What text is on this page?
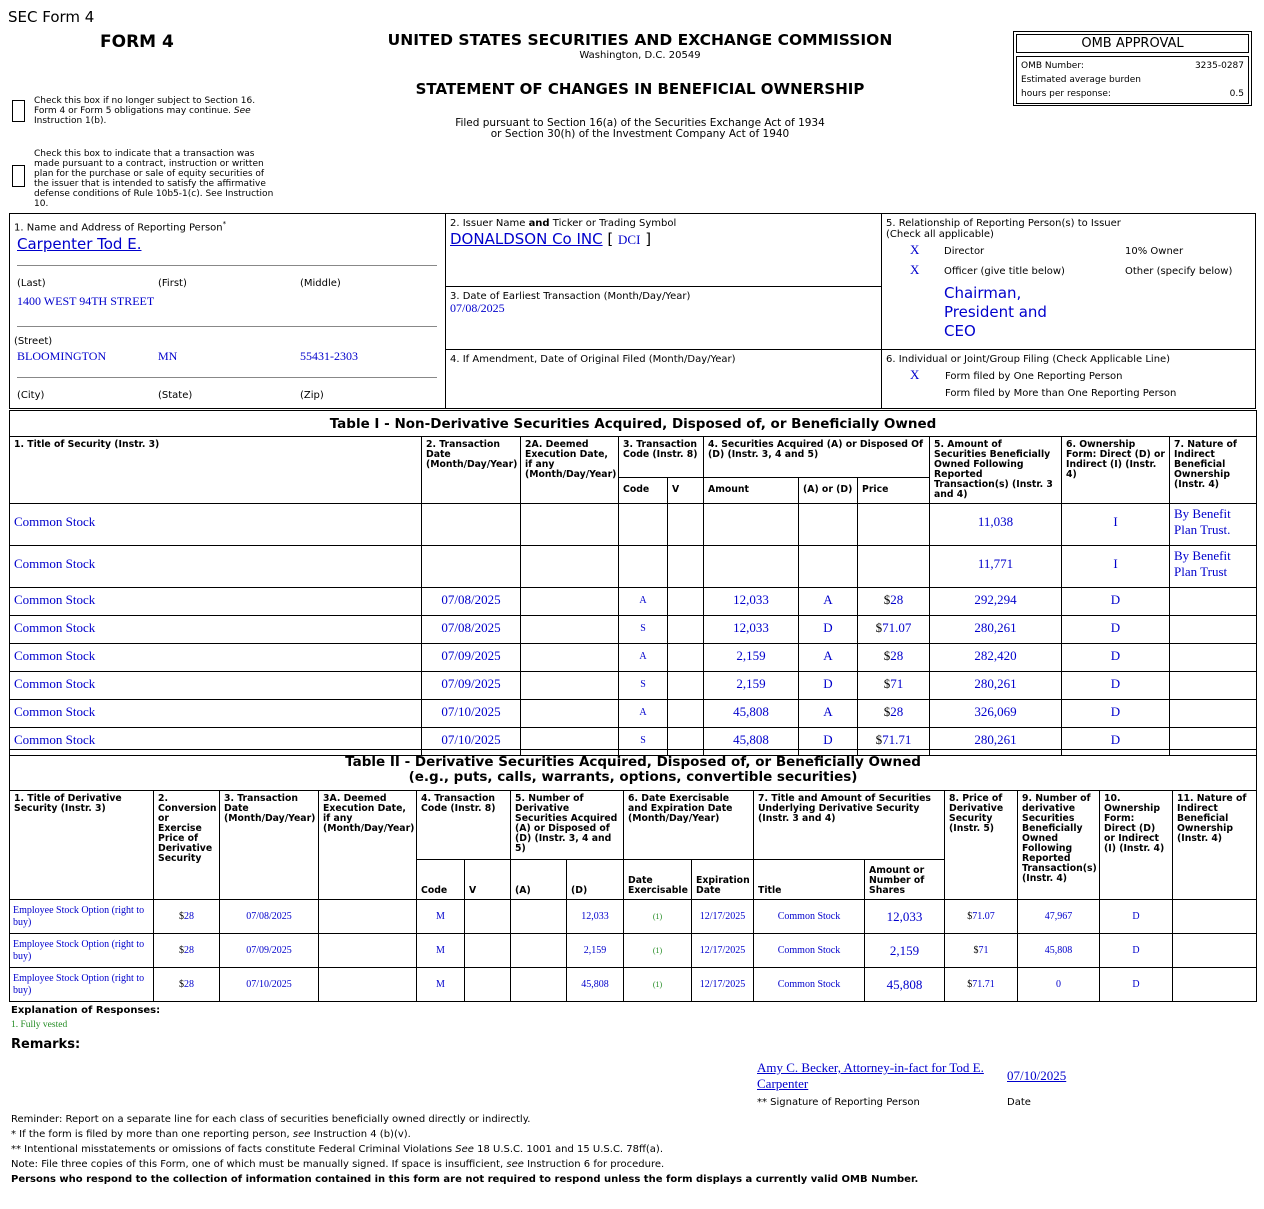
SEC Form 4
FORM 4	UNITED STATES SECURITIES AND EXCHANGE COMMISSION
Washington, D.C. 20549
STATEMENT OF CHANGES IN BENEFICIAL OWNERSHIP
Filed pursuant to Section 16(a) of the Securities Exchange Act of 1934
or Section 30(h) of the Investment Company Act of 1940
OMB APPROVAL
OMB Number:	3235-0287
Estimated average burden
hours per response:	0.5
Check this box if no longer subject to Section 16. Form 4 or Form 5 obligations may continue. See Instruction 1(b).
Check this box to indicate that a transaction was made pursuant to a contract, instruction or written plan for the purchase or sale of equity securities of the issuer that is intended to satisfy the affirmative defense conditions of Rule 10b5-1(c). See Instruction 10.
1. Name and Address of Reporting Person*
Carpenter Tod E.
(Last)	(First)	(Middle)
1400 WEST 94TH STREET
(Street)
BLOOMINGTON	MN	55431-2303
(City)	(State)	(Zip)
2. Issuer Name and Ticker or Trading Symbol
DONALDSON Co INC [ DCI ]
3. Date of Earliest Transaction (Month/Day/Year)
07/08/2025
4. If Amendment, Date of Original Filed (Month/Day/Year)
5. Relationship of Reporting Person(s) to Issuer
(Check all applicable)
X Director	10% Owner
X Officer (give title below)	Other (specify below)
Chairman,
President and
CEO
6. Individual or Joint/Group Filing (Check Applicable Line)
X	Form filed by One Reporting Person
Form filed by More than One Reporting Person
Table I - Non-Derivative Securities Acquired, Disposed of, or Beneficially Owned										
1. Title of Security (Instr. 3)	2. Transaction Date (Month/Day/Year)	2A. Deemed Execution Date, if any (Month/Day/Year)	3. Transaction Code (Instr. 8)		4. Securities Acquired (A) or Disposed Of (D) (Instr. 3, 4 and 5)			5. Amount of Securities Beneficially Owned Following Reported Transaction(s) (Instr. 3 and 4)	6. Ownership Form: Direct (D) or Indirect (I) (Instr. 4)	7. Nature of Indirect Beneficial Ownership (Instr. 4)
			Code	V	Amount	(A) or (D)	Price			
Common Stock								11,038	I	By Benefit Plan Trust.
Common Stock								11,771	I	By Benefit Plan Trust
Common Stock	07/08/2025		A		12,033	A	$28	292,294	D	
Common Stock	07/08/2025		S		12,033	D	$71.07	280,261	D	
Common Stock	07/09/2025		A		2,159	A	$28	282,420	D	
Common Stock	07/09/2025		S		2,159	D	$71	280,261	D	
Common Stock	07/10/2025		A		45,808	A	$28	326,069	D	
Common Stock	07/10/2025		S		45,808	D	$71.71	280,261	D	
Table II - Derivative Securities Acquired, Disposed of, or Beneficially Owned
(e.g., puts, calls, warrants, options, convertible securities)															

1. Title of Derivative Security (Instr. 3)	2. Conversion or Exercise Price of Derivative Security	3. Transaction Date (Month/Day/Year)	3A. Deemed Execution Date, if any (Month/Day/Year)	4. Transaction Code (Instr. 8)		5. Number of Derivative Securities Acquired (A) or Disposed of (D) (Instr. 3, 4 and 5)		6. Date Exercisable and Expiration Date (Month/Day/Year)		7. Title and Amount of Securities Underlying Derivative Security (Instr. 3 and 4)		8. Price of Derivative Security (Instr. 5)	9. Number of derivative Securities Beneficially Owned Following Reported Transaction(s) (Instr. 4)	10. Ownership Form: Direct (D) or Indirect (I) (Instr. 4)	11. Nature of Indirect Beneficial Ownership (Instr. 4)
				Code	V	(A)	(D)	Date Exercisable	Expiration Date	Title	Amount or Number of Shares				
Employee Stock Option (right to buy)	$28	07/08/2025		M			12,033	(1)	12/17/2025	Common Stock	12,033	$71.07	47,967	D	
Employee Stock Option (right to buy)	$28	07/09/2025		M			2,159	(1)	12/17/2025	Common Stock	2,159	$71	45,808	D	
Employee Stock Option (right to buy)	$28	07/10/2025		M			45,808	(1)	12/17/2025	Common Stock	45,808	$71.71	0	D	
Explanation of Responses:
1. Fully vested
Remarks:
Amy C. Becker, Attorney-in-fact for Tod E. Carpenter
07/10/2025
** Signature of Reporting Person	Date
Reminder: Report on a separate line for each class of securities beneficially owned directly or indirectly.
* If the form is filed by more than one reporting person, see Instruction 4 (b)(v).
** Intentional misstatements or omissions of facts constitute Federal Criminal Violations See 18 U.S.C. 1001 and 15 U.S.C. 78ff(a).
Note: File three copies of this Form, one of which must be manually signed. If space is insufficient, see Instruction 6 for procedure.
Persons who respond to the collection of information contained in this form are not required to respond unless the form displays a currently valid OMB Number.
